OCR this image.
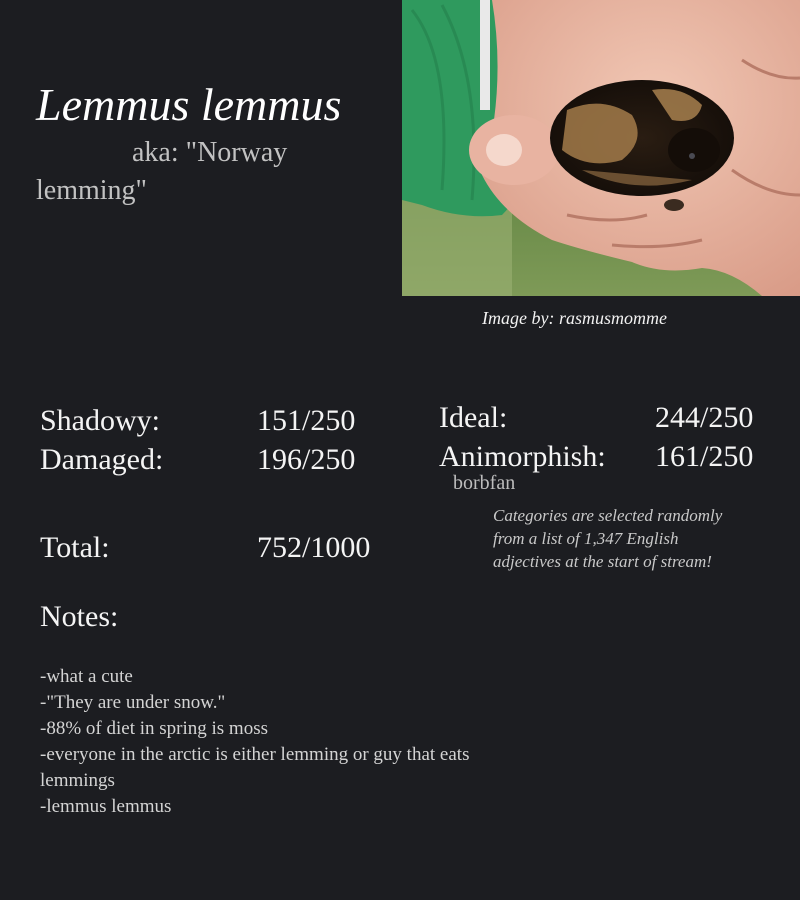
Lemmus lemmus
aka: "Norway lemming"
Image by: rasmusmomme
Shadowy:	151/250
Damaged:	196/250
Ideal:	244/250
Animorphish: 161/250
borbfan
Categories are selected randomly from a list of 1,347 English adjectives at the start of stream!
Total:	752/1000
Notes:
-what a cute
-"They are under snow."
-88% of diet in spring is moss
-everyone in the arctic is either lemming or guy that eats lemmings
-lemmus lemmus
